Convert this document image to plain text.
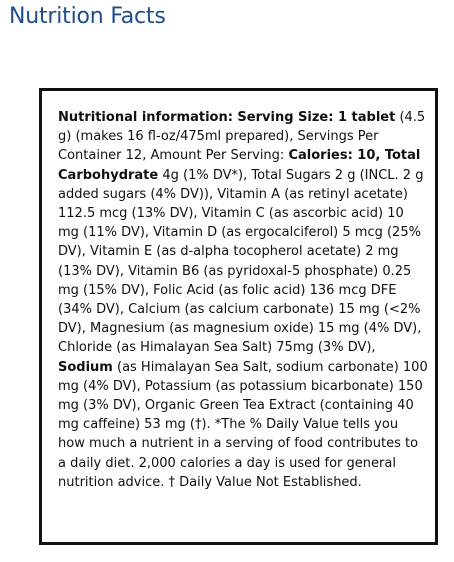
Nutrition Facts

Nutritional information: Serving Size: 1 tablet (4.5 g) (makes 16 fl-oz/475ml prepared), Servings Per Container 12, Amount Per Serving: Calories: 10, Total Carbohydrate 4g (1% DV*), Total Sugars 2 g (INCL. 2 g added sugars (4% DV)), Vitamin A (as retinyl acetate) 112.5 mcg (13% DV), Vitamin C (as ascorbic acid) 10 mg (11% DV), Vitamin D (as ergocalciferol) 5 mcg (25% DV), Vitamin E (as d-alpha tocopherol acetate) 2 mg (13% DV), Vitamin B6 (as pyridoxal-5 phosphate) 0.25 mg (15% DV), Folic Acid (as folic acid) 136 mcg DFE (34% DV), Calcium (as calcium carbonate) 15 mg (<2% DV), Magnesium (as magnesium oxide) 15 mg (4% DV), Chloride (as Himalayan Sea Salt) 75mg (3% DV), Sodium (as Himalayan Sea Salt, sodium carbonate) 100 mg (4% DV), Potassium (as potassium bicarbonate) 150 mg (3% DV), Organic Green Tea Extract (containing 40 mg caffeine) 53 mg (†). *The % Daily Value tells you how much a nutrient in a serving of food contributes to a daily diet. 2,000 calories a day is used for general nutrition advice. † Daily Value Not Established.
